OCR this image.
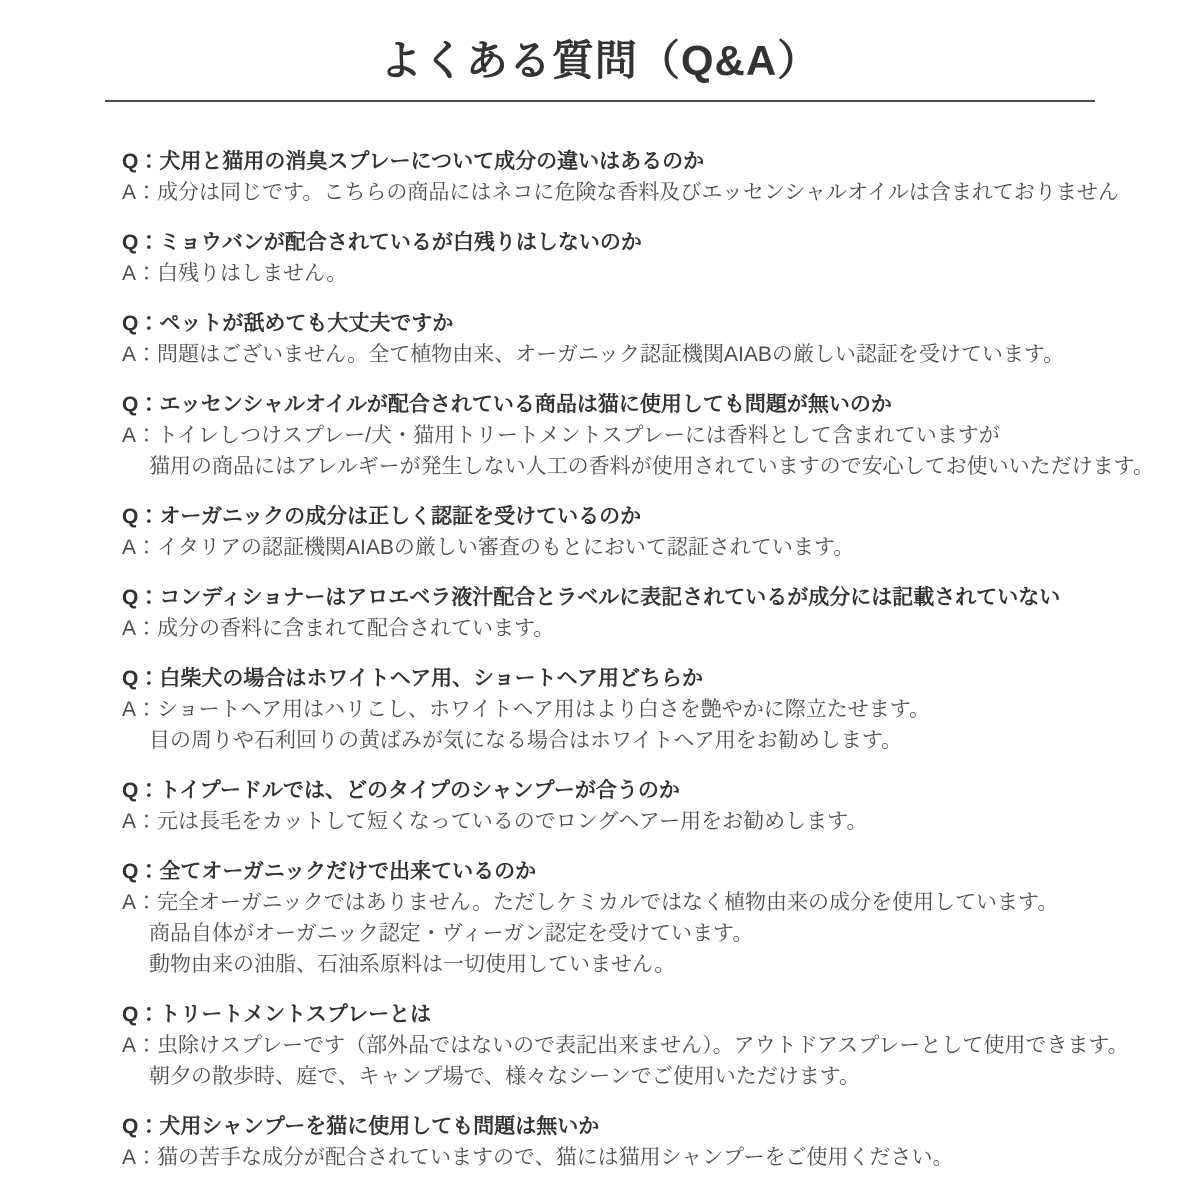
よくある質問（Q&A）
Q：犬用と猫用の消臭スプレーについて成分の違いはあるのか
A：成分は同じです。こちらの商品にはネコに危険な香料及びエッセンシャルオイルは含まれておりません
Q：ミョウバンが配合されているが白残りはしないのか
A：白残りはしません。
Q：ペットが舐めても大丈夫ですか
A：問題はございません。全て植物由来、オーガニック認証機関AIABの厳しい認証を受けています。
Q：エッセンシャルオイルが配合されている商品は猫に使用しても問題が無いのか
A：トイレしつけスプレー/犬・猫用トリートメントスプレーには香料として含まれていますが
猫用の商品にはアレルギーが発生しない人工の香料が使用されていますので安心してお使いいただけます。
Q：オーガニックの成分は正しく認証を受けているのか
A：イタリアの認証機関AIABの厳しい審査のもとにおいて認証されています。
Q：コンディショナーはアロエベラ液汁配合とラベルに表記されているが成分には記載されていない
A：成分の香料に含まれて配合されています。
Q：白柴犬の場合はホワイトヘア用、ショートヘア用どちらか
A：ショートヘア用はハリこし、ホワイトヘア用はより白さを艶やかに際立たせます。
目の周りや石利回りの黄ばみが気になる場合はホワイトヘア用をお勧めします。
Q：トイプードルでは、どのタイプのシャンプーが合うのか
A：元は長毛をカットして短くなっているのでロングヘアー用をお勧めします。
Q：全てオーガニックだけで出来ているのか
A：完全オーガニックではありません。ただしケミカルではなく植物由来の成分を使用しています。
商品自体がオーガニック認定・ヴィーガン認定を受けています。
動物由来の油脂、石油系原料は一切使用していません。
Q：トリートメントスプレーとは
A：虫除けスプレーです（部外品ではないので表記出来ません）。アウトドアスプレーとして使用できます。
朝夕の散歩時、庭で、キャンプ場で、様々なシーンでご使用いただけます。
Q：犬用シャンプーを猫に使用しても問題は無いか
A：猫の苦手な成分が配合されていますので、猫には猫用シャンプーをご使用ください。
